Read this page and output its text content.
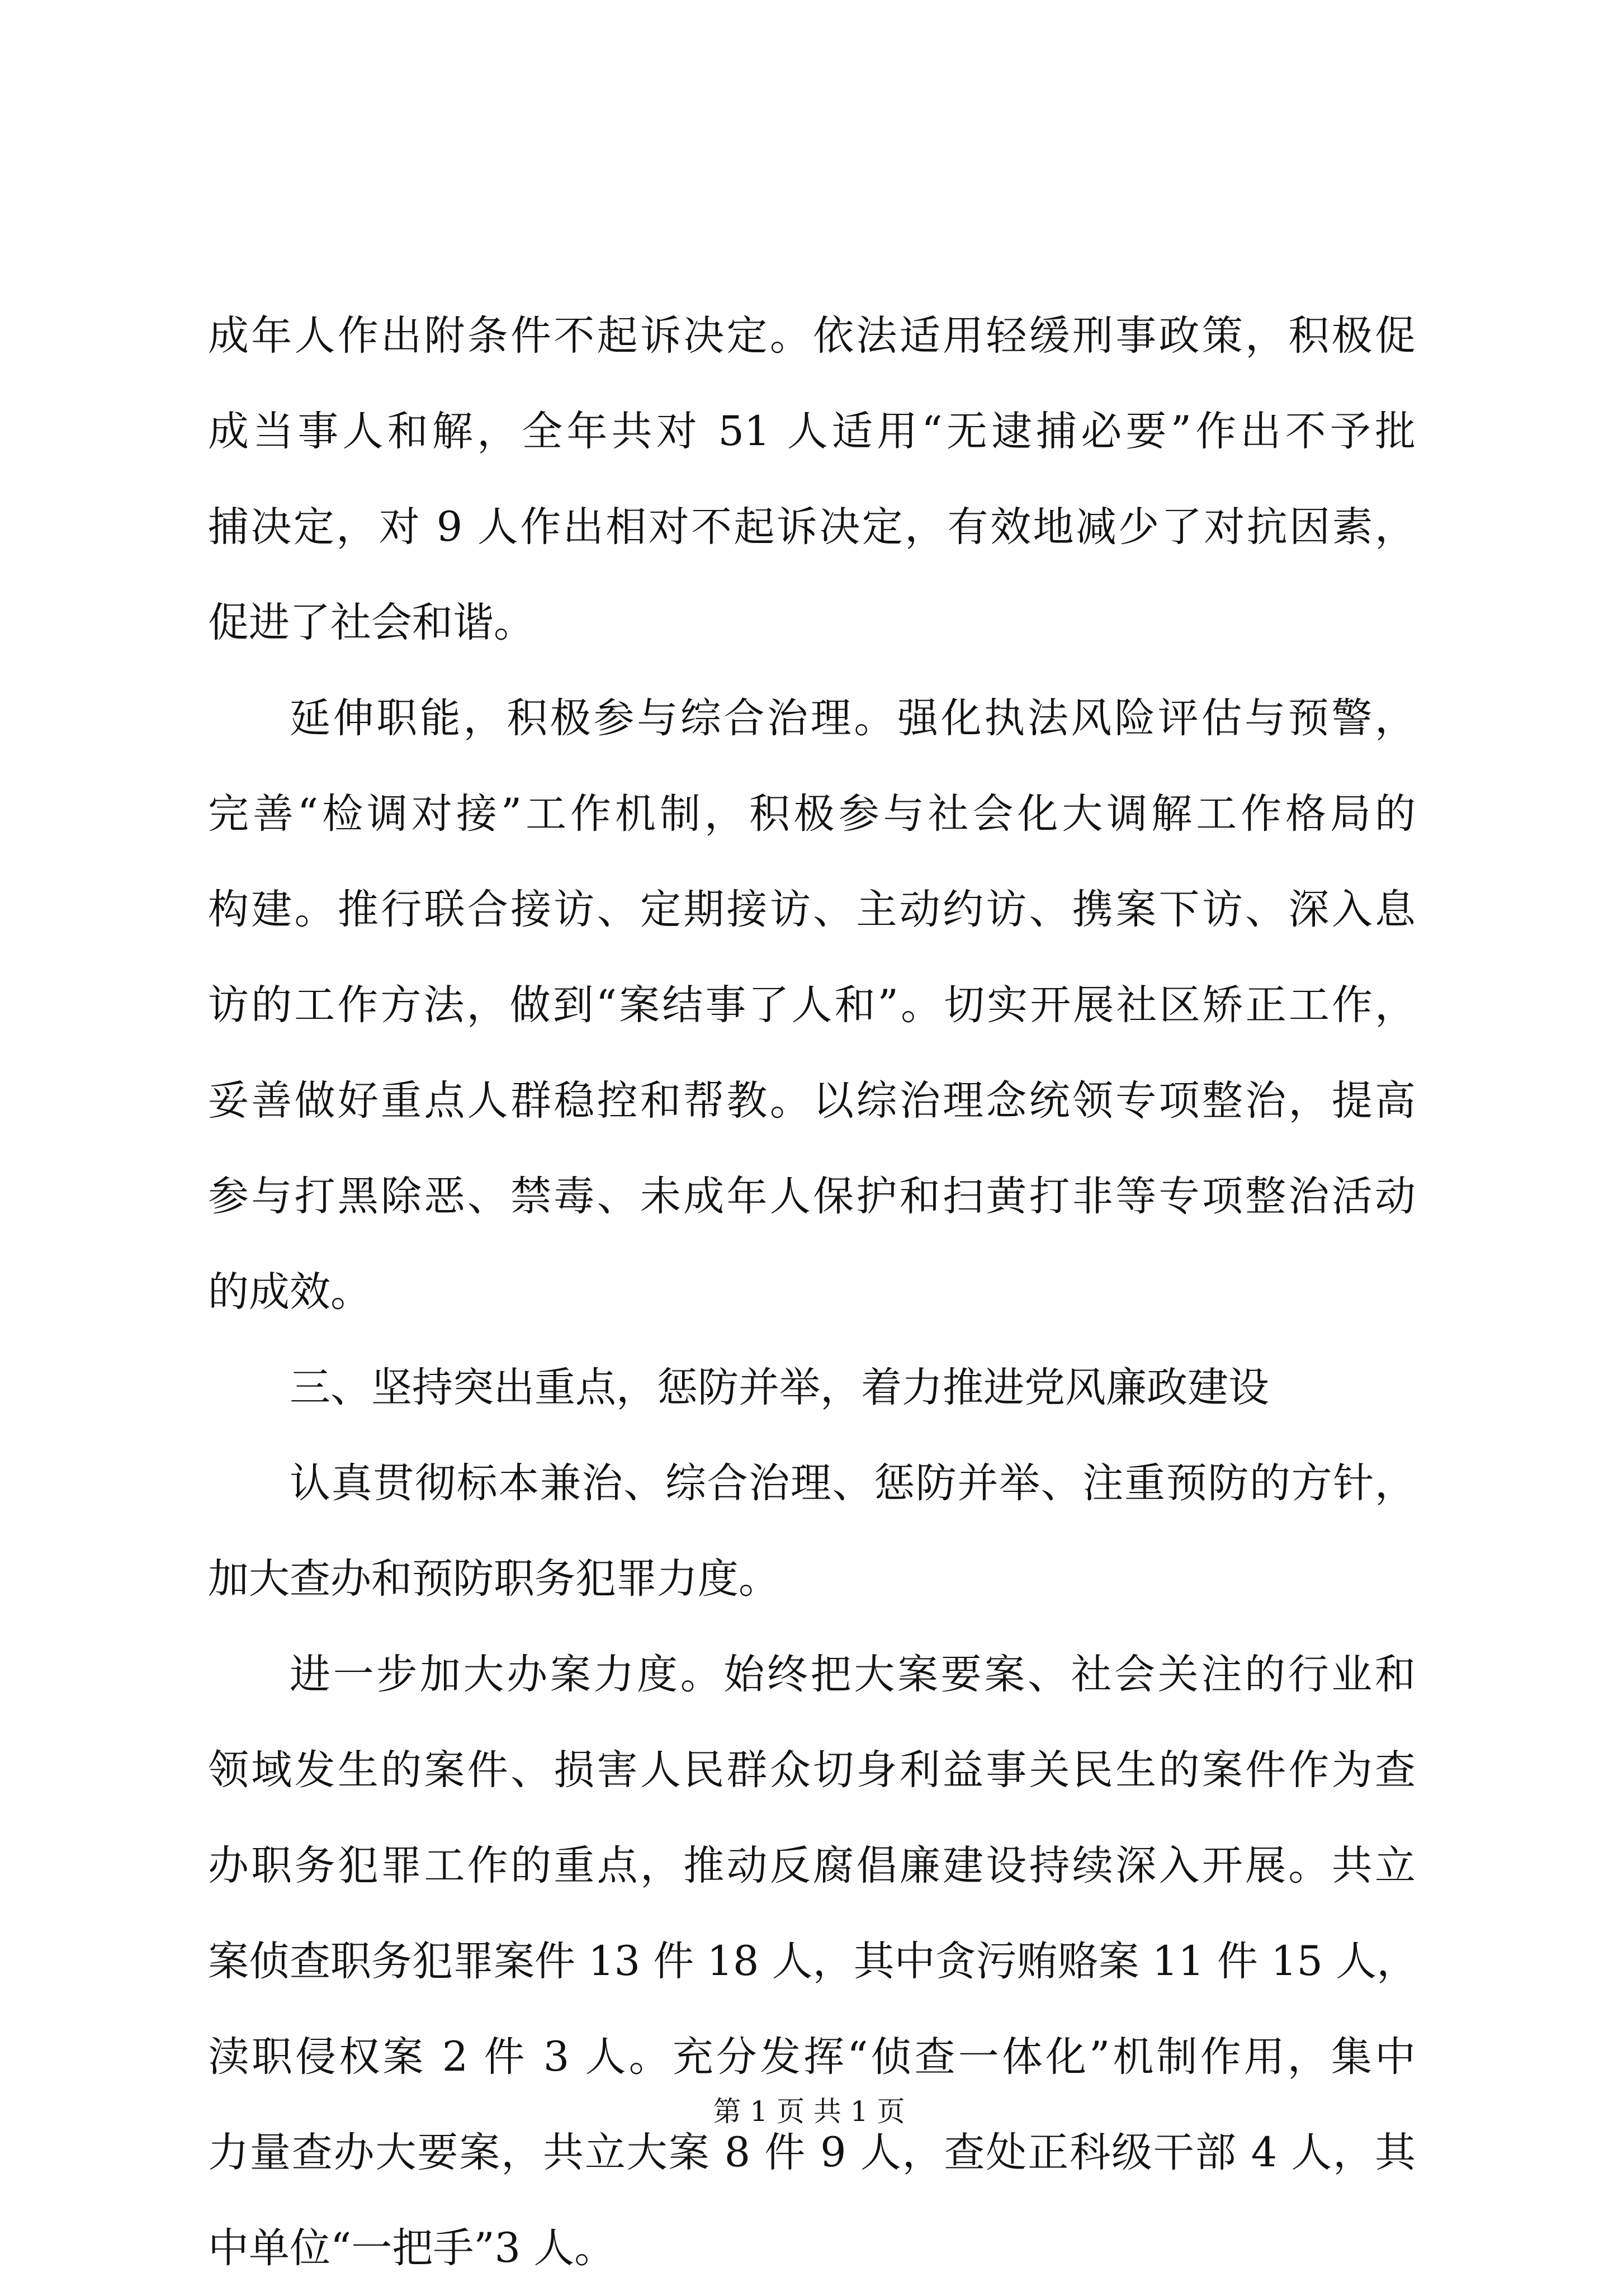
成年人作出附条件不起诉决定。依法适用轻缓刑事政策，积极促
成当事人和解，全年共对 51 人适用“无逮捕必要”作出不予批
捕决定，对 9 人作出相对不起诉决定，有效地减少了对抗因素，
促进了社会和谐。
延伸职能，积极参与综合治理。强化执法风险评估与预警，
完善“检调对接”工作机制，积极参与社会化大调解工作格局的
构建。推行联合接访、定期接访、主动约访、携案下访、深入息
访的工作方法，做到“案结事了人和”。切实开展社区矫正工作，
妥善做好重点人群稳控和帮教。以综治理念统领专项整治，提高
参与打黑除恶、禁毒、未成年人保护和扫黄打非等专项整治活动
的成效。
三、坚持突出重点，惩防并举，着力推进党风廉政建设
认真贯彻标本兼治、综合治理、惩防并举、注重预防的方针，
加大查办和预防职务犯罪力度。
进一步加大办案力度。始终把大案要案、社会关注的行业和
领域发生的案件、损害人民群众切身利益事关民生的案件作为查
办职务犯罪工作的重点，推动反腐倡廉建设持续深入开展。共立
案侦查职务犯罪案件 13 件 18 人，其中贪污贿赂案 11 件 15 人，
渎职侵权案 2 件 3 人。充分发挥“侦查一体化”机制作用，集中
力量查办大要案，共立大案 8 件 9 人，查处正科级干部 4 人，其
中单位“一把手”3 人。
第 1 页 共 1 页
